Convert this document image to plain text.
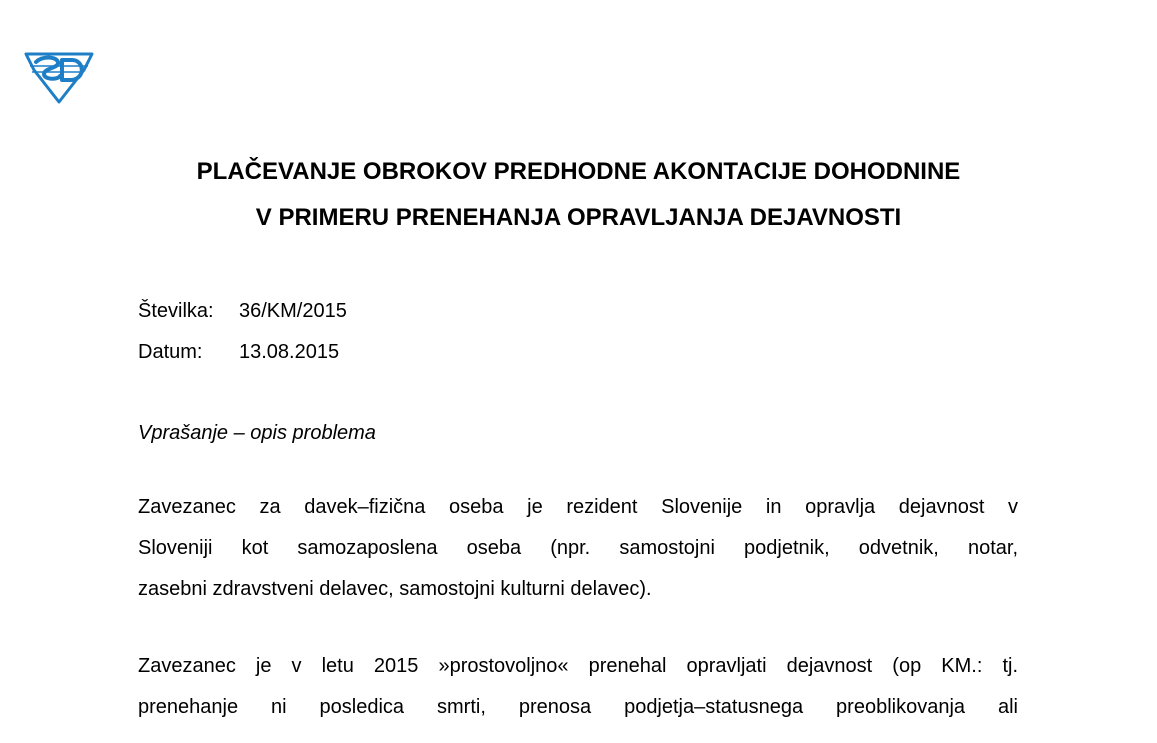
PLAČEVANJE OBROKOV PREDHODNE AKONTACIJE DOHODNINE
V PRIMERU PRENEHANJA OPRAVLJANJA DEJAVNOSTI
Številka: 36/KM/2015
Datum: 13.08.2015
Vprašanje – opis problema
Zavezanec za davek–fizična oseba je rezident Slovenije in opravlja dejavnost v
Sloveniji kot samozaposlena oseba (npr. samostojni podjetnik, odvetnik, notar,
zasebni zdravstveni delavec, samostojni kulturni delavec).
Zavezanec je v letu 2015 »prostovoljno« prenehal opravljati dejavnost (op KM.: tj.
prenehanje ni posledica smrti, prenosa podjetja–statusnega preoblikovanja ali
